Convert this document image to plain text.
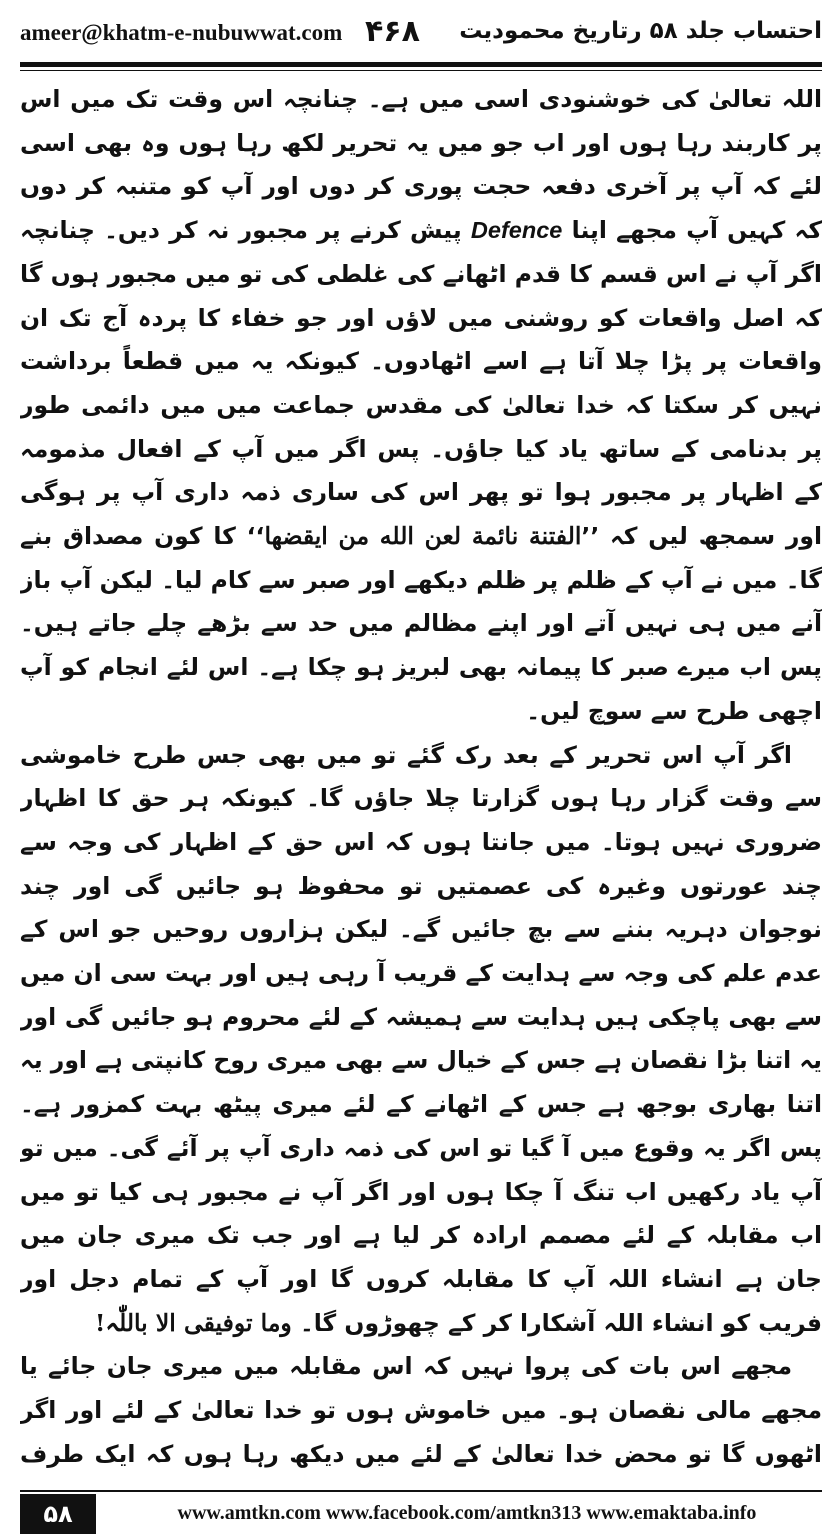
ameer@khatm-e-nubuwwat.com ۴۶۸ احتساب جلد ۵۸ رتاریخ محمودیت

اللہ تعالیٰ کی خوشنودی اسی میں ہے۔ چنانچہ اس وقت تک میں اس پر کاربند رہا ہوں اور اب جو میں یہ تحریر لکھ رہا ہوں وہ بھی اسی لئے کہ آپ پر آخری دفعہ حجت پوری کر دوں اور آپ کو متنبہ کر دوں کہ کہیں آپ مجھے اپنا Defence پیش کرنے پر مجبور نہ کر دیں۔ چنانچہ اگر آپ نے اس قسم کا قدم اٹھانے کی غلطی کی تو میں مجبور ہوں گا کہ اصل واقعات کو روشنی میں لاؤں اور جو خفاء کا پردہ آج تک ان واقعات پر پڑا چلا آتا ہے اسے اٹھادوں۔ کیونکہ یہ میں قطعاً برداشت نہیں کر سکتا کہ خدا تعالیٰ کی مقدس جماعت میں میں دائمی طور پر بدنامی کے ساتھ یاد کیا جاؤں۔ پس اگر میں آپ کے افعال مذمومہ کے اظہار پر مجبور ہوا تو پھر اس کی ساری ذمہ داری آپ پر ہوگی اور سمجھ لیں کہ ’’الفتنة نائمة لعن الله من ایقضها‘‘ کا کون مصداق بنے گا۔ میں نے آپ کے ظلم پر ظلم دیکھے اور صبر سے کام لیا۔ لیکن آپ باز آنے میں ہی نہیں آتے اور اپنے مظالم میں حد سے بڑھے چلے جاتے ہیں۔ پس اب میرے صبر کا پیمانہ بھی لبریز ہو چکا ہے۔ اس لئے انجام کو آپ اچھی طرح سے سوچ لیں۔

اگر آپ اس تحریر کے بعد رک گئے تو میں بھی جس طرح خاموشی سے وقت گزار رہا ہوں گزارتا چلا جاؤں گا۔ کیونکہ ہر حق کا اظہار ضروری نہیں ہوتا۔ میں جانتا ہوں کہ اس حق کے اظہار کی وجہ سے چند عورتوں وغیرہ کی عصمتیں تو محفوظ ہو جائیں گی اور چند نوجوان دہریہ بننے سے بچ جائیں گے۔ لیکن ہزاروں روحیں جو اس کے عدم علم کی وجہ سے ہدایت کے قریب آ رہی ہیں اور بہت سی ان میں سے بھی پاچکی ہیں ہدایت سے ہمیشہ کے لئے محروم ہو جائیں گی اور یہ اتنا بڑا نقصان ہے جس کے خیال سے بھی میری روح کانپتی ہے اور یہ اتنا بھاری بوجھ ہے جس کے اٹھانے کے لئے میری پیٹھ بہت کمزور ہے۔ پس اگر یہ وقوع میں آ گیا تو اس کی ذمہ داری آپ پر آئے گی۔ میں تو آپ یاد رکھیں اب تنگ آ چکا ہوں اور اگر آپ نے مجبور ہی کیا تو میں اب مقابلہ کے لئے مصمم ارادہ کر لیا ہے اور جب تک میری جان میں جان ہے انشاء اللہ آپ کا مقابلہ کروں گا اور آپ کے تمام دجل اور فریب کو انشاء اللہ آشکارا کر کے چھوڑوں گا۔ وما توفیقی الا باللّٰہ!

مجھے اس بات کی پروا نہیں کہ اس مقابلہ میں میری جان جائے یا مجھے مالی نقصان ہو۔ میں خاموش ہوں تو خدا تعالیٰ کے لئے اور اگر اٹھوں گا تو محض خدا تعالیٰ کے لئے میں دیکھ رہا ہوں کہ ایک طرف

۵۸	www.amtkn.com www.facebook.com/amtkn313 www.emaktaba.info
